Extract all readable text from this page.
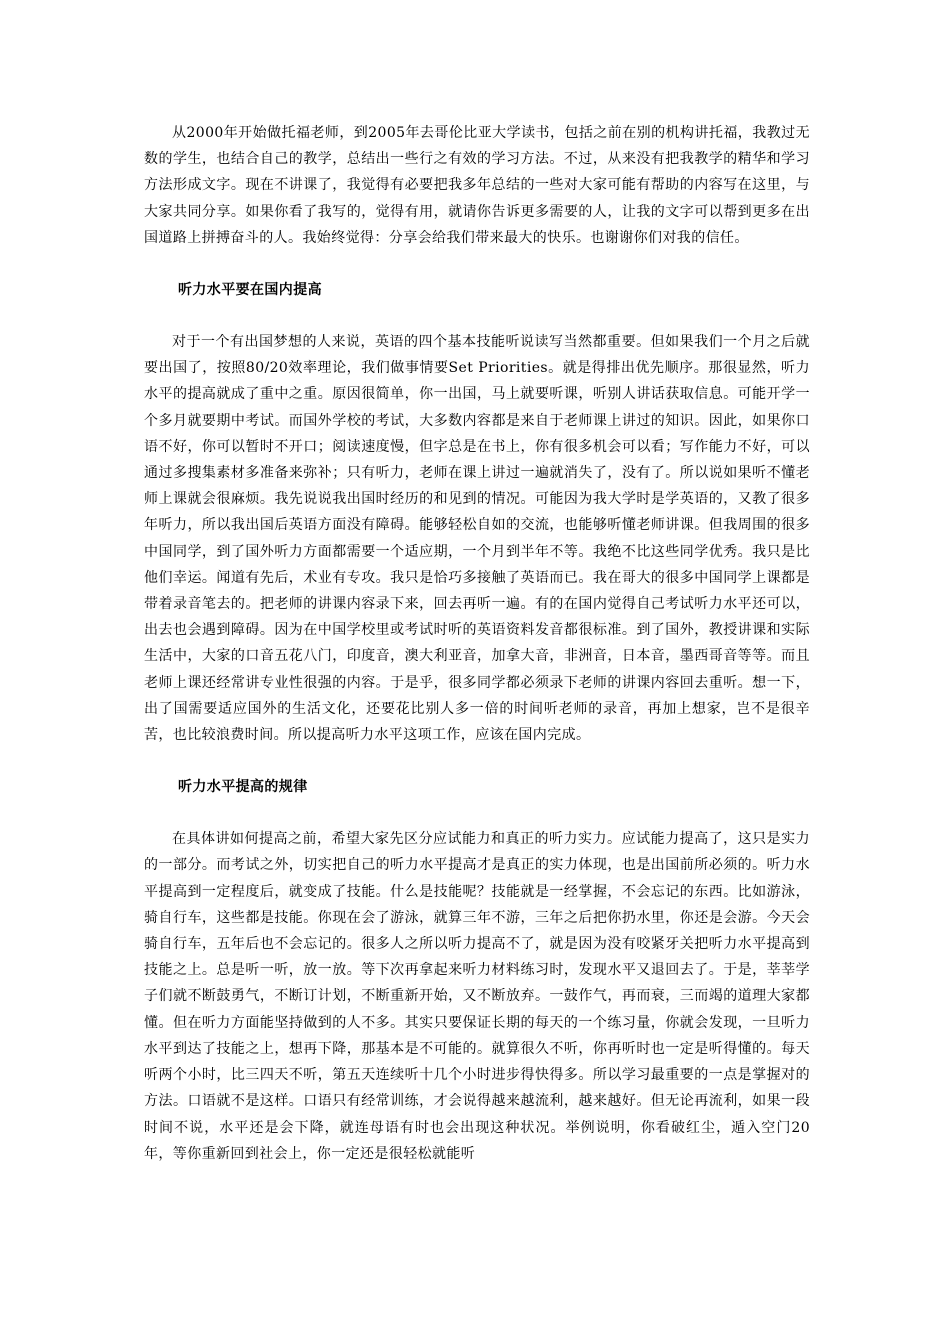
从2000年开始做托福老师，到2005年去哥伦比亚大学读书，包括之前在别的机构讲托福，我教过无数的学生，也结合自己的教学，总结出一些行之有效的学习方法。不过，从来没有把我教学的精华和学习方法形成文字。现在不讲课了，我觉得有必要把我多年总结的一些对大家可能有帮助的内容写在这里，与大家共同分享。如果你看了我写的，觉得有用，就请你告诉更多需要的人，让我的文字可以帮到更多在出国道路上拼搏奋斗的人。我始终觉得：分享会给我们带来最大的快乐。也谢谢你们对我的信任。

听力水平要在国内提高

对于一个有出国梦想的人来说，英语的四个基本技能听说读写当然都重要。但如果我们一个月之后就要出国了，按照80/20效率理论，我们做事情要Set Priorities。就是得排出优先顺序。那很显然，听力水平的提高就成了重中之重。原因很简单，你一出国，马上就要听课，听别人讲话获取信息。可能开学一个多月就要期中考试。而国外学校的考试，大多数内容都是来自于老师课上讲过的知识。因此，如果你口语不好，你可以暂时不开口；阅读速度慢，但字总是在书上，你有很多机会可以看；写作能力不好，可以通过多搜集素材多准备来弥补；只有听力，老师在课上讲过一遍就消失了，没有了。所以说如果听不懂老师上课就会很麻烦。我先说说我出国时经历的和见到的情况。可能因为我大学时是学英语的，又教了很多年听力，所以我出国后英语方面没有障碍。能够轻松自如的交流，也能够听懂老师讲课。但我周围的很多中国同学，到了国外听力方面都需要一个适应期，一个月到半年不等。我绝不比这些同学优秀。我只是比他们幸运。闻道有先后，术业有专攻。我只是恰巧多接触了英语而已。我在哥大的很多中国同学上课都是带着录音笔去的。把老师的讲课内容录下来，回去再听一遍。有的在国内觉得自己考试听力水平还可以，出去也会遇到障碍。因为在中国学校里或考试时听的英语资料发音都很标准。到了国外，教授讲课和实际生活中，大家的口音五花八门，印度音，澳大利亚音，加拿大音，非洲音，日本音，墨西哥音等等。而且老师上课还经常讲专业性很强的内容。于是乎，很多同学都必须录下老师的讲课内容回去重听。想一下，出了国需要适应国外的生活文化，还要花比别人多一倍的时间听老师的录音，再加上想家，岂不是很辛苦，也比较浪费时间。所以提高听力水平这项工作，应该在国内完成。

听力水平提高的规律

在具体讲如何提高之前，希望大家先区分应试能力和真正的听力实力。应试能力提高了，这只是实力的一部分。而考试之外，切实把自己的听力水平提高才是真正的实力体现，也是出国前所必须的。听力水平提高到一定程度后，就变成了技能。什么是技能呢？技能就是一经掌握，不会忘记的东西。比如游泳，骑自行车，这些都是技能。你现在会了游泳，就算三年不游，三年之后把你扔水里，你还是会游。今天会骑自行车，五年后也不会忘记的。很多人之所以听力提高不了，就是因为没有咬紧牙关把听力水平提高到技能之上。总是听一听，放一放。等下次再拿起来听力材料练习时，发现水平又退回去了。于是，莘莘学子们就不断鼓勇气，不断订计划，不断重新开始，又不断放弃。一鼓作气，再而衰，三而竭的道理大家都懂。但在听力方面能坚持做到的人不多。其实只要保证长期的每天的一个练习量，你就会发现，一旦听力水平到达了技能之上，想再下降，那基本是不可能的。就算很久不听，你再听时也一定是听得懂的。每天听两个小时，比三四天不听，第五天连续听十几个小时进步得快得多。所以学习最重要的一点是掌握对的方法。口语就不是这样。口语只有经常训练，才会说得越来越流利，越来越好。但无论再流利，如果一段时间不说，水平还是会下降，就连母语有时也会出现这种状况。举例说明，你看破红尘，遁入空门20年，等你重新回到社会上，你一定还是很轻松就能听
